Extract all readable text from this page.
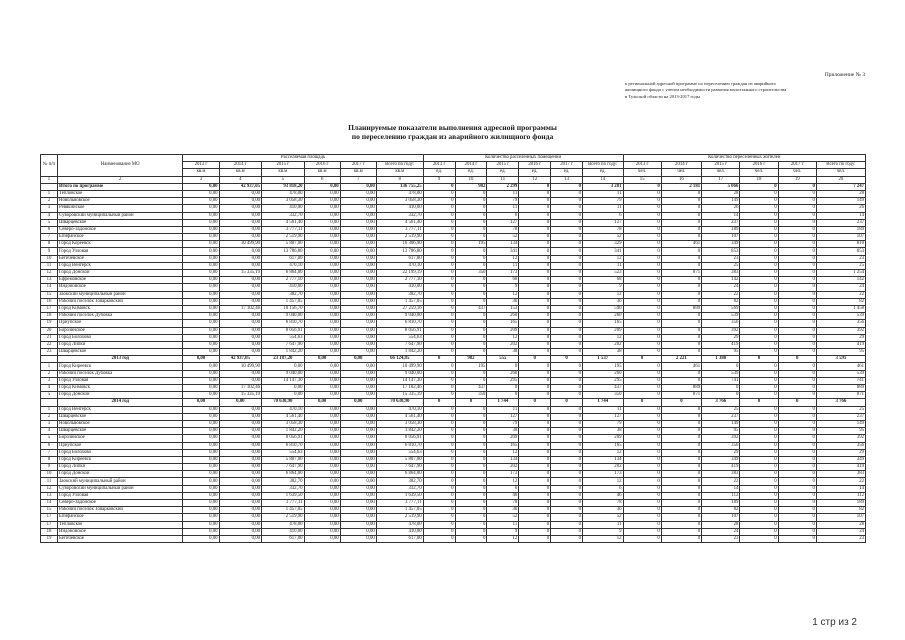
Приложение № 3
к региональной адресной программе по переселению граждан из аварийного
жилищного фонда с учетом необходимости развития малоэтажного строительства
в Тульской области на 2013-2017 годы
Планируемые показатели выполнения адресной программы
по переселению граждан из аварийного жилищного фонда
№ п/п	Наименование МО	Расселяемая площадь						Количество расселенных помещений						Количество переселенных жителей					
		2013 г	2014 г	2015 г	2016 г	2017 г	Всего по году:	2013 г	2014 г	2015 г	2016 г	2017 г	Всего по году:	2013 г	2014 г	2015 г	2016 г	2017 г	Всего по году:
		кв.м	кв.м	кв.м	кв.м	кв.м	кв.м	ед.	ед.	ед.	ед.	ед.	ед.	чел.	чел.	чел.	чел.	чел.	чел.
1	2	3	4	5	6	7	8	9	10	11	12	13	14	15	16	17	18	19	20
	Итого по программе	0,00	42 937,05	93 818,20	0,00	0,00	136 755,25	0	982	2 299	0	0	3 281	0	2 181	5 066	0	0	7 247
1	Тепловское	0,00	0,00	478,00	0,00	0,00	478,00	0	0	11	0	0	11	0	0	28	0	0	28
2	Новольвовское	0,00	0,00	3 058,30	0,00	0,00	3 058,30	0	0	79	0	0	79	0	0	149	0	0	149
3	Ревякинское	0,00	0,00	410,00	0,00	0,00	410,00	0	0	11	0	0	11	0	0	26	0	0	26
4	Суворовский муниципальный район	0,00	0,00	332,70	0,00	0,00	332,70	0	0	6	0	0	6	0	0	14	0	0	14
5	Шварцевское	0,00	0,00	4 561,40	0,00	0,00	4 561,40	0	0	127	0	0	127	0	0	237	0	0	237
6	Северо-Задонское	0,00	0,00	3 777,11	0,00	0,00	3 777,11	0	0	78	0	0	78	0	0	189	0	0	189
7	Епифанское	0,00	0,00	2 519,90	0,00	0,00	2 519,90	0	0	52	0	0	52	0	0	107	0	0	107
8	Город Кореевск	0,00	10 499,90	5 807,00	0,00	0,00	16 306,90	0	195	134	0	0	329	0	461	349	0	0	810
9	Город Узловая	0,00	0,00	13 786,80	0,00	0,00	13 786,80	0	0	341	0	0	341	0	0	853	0	0	853
10	Бегичевское	0,00	0,00	617,00	0,00	0,00	617,00	0	0	12	0	0	12	0	0	23	0	0	23
11	Город Венгерск	0,00	0,00	470,10	0,00	0,00	470,10	0	0	11	0	0	11	0	0	25	0	0	25
12	Город Донской	0,00	15 335,19	6 864,00	0,00	0,00	22 199,19	0	350	173	0	0	523	0	871	383	0	0	1 254
13	Ефремовское	0,00	0,00	2 777,10	0,00	0,00	2 777,10	0	0	68	0	0	68	0	0	142	0	0	142
14	Индоновское	0,00	0,00	410,00	0,00	0,00	410,00	0	0	9	0	0	9	0	0	24	0	0	24
15	Заокский муниципальный район	0,00	0,00	382,70	0,00	0,00	382,70	0	0	12	0	0	12	0	0	22	0	0	22
16	Рабочий поселок Товарковский	0,00	0,00	1 457,05	0,00	0,00	1 457,05	0	0	36	0	0	36	0	0	82	0	0	82
17	Город Кимовск	0,00	17 102,46	10 156,70	0,00	0,00	27 259,16	0	437	153	0	0	590	0	889	569	0	0	1 458
18	Рабочий поселок Дубовка	0,00	0,00	9 040,00	0,00	0,00	9 040,00	0	0	260	0	0	260	0	0	539	0	0	539
19	Приупское	0,00	0,00	6 810,70	0,00	0,00	6 810,70	0	0	165	0	0	165	0	0	356	0	0	356
20	Борозинское	0,00	0,00	8 056,91	0,00	0,00	8 056,91	0	0	209	0	0	209	0	0	392	0	0	392
21	Город Болохово	0,00	0,00	554,63	0,00	0,00	554,63	0	0	12	0	0	12	0	0	29	0	0	29
22	Город Липки	0,00	0,00	7 647,90	0,00	0,00	7 647,90	0	0	202	0	0	202	0	0	419	0	0	419
23	Шварцевское	0,00	0,00	1 842,20	0,00	0,00	1 842,20	0	0	38	0	0	38	0	0	95	0	0	95
	2013 год	0,00	42 937,05	23 187,20	0,00	0,00	66 124,85	0	982	555	0	0	1 537	0	2 221	1 380	0	0	3 591
1	Город Киреевск	0,00	10 499,90	0,00	0,00	0,00	10 499,90	0	195	0	0	0	195	0	461	0	0	0	461
2	Рабочий поселок Дубовка	0,00	0,00	9 040,00	0,00	0,00	9 040,00	0	0	260	0	0	260	0	0	539	0	0	539
3	Город Узловая	0,00	0,00	14 147,30	0,00	0,00	14 147,30	0	0	295	0	0	295	0	0	741	0	0	741
4	Город Кимовск	0,00	17 102,46	0,00	0,00	0,00	17 102,46	0	437	0	0	0	437	0	889	0	0	0	889
5	Город Донской	0,00	15 335,19	0,00	0,00	0,00	15 335,19	0	350	0	0	0	350	0	871	0	0	0	871
	2014 год	0,00	0,00	70 630,90	0,00	0,00	70 630,90	0	0	1 744	0	0	1 744	0	0	3 766	0	0	3 766
1	Город Венгерск	0,00	0,00	470,10	0,00	0,00	470,10	0	0	11	0	0	11	0	0	25	0	0	25
2	Шварцевское	0,00	0,00	4 561,40	0,00	0,00	4 561,40	0	0	127	0	0	127	0	0	237	0	0	237
3	Новольвовское	0,00	0,00	3 058,30	0,00	0,00	3 058,30	0	0	79	0	0	79	0	0	149	0	0	149
4	Шварцевское	0,00	0,00	1 842,20	0,00	0,00	1 842,20	0	0	38	0	0	38	0	0	95	0	0	95
5	Борозинское	0,00	0,00	8 056,91	0,00	0,00	8 056,91	0	0	209	0	0	209	0	0	392	0	0	392
6	Приупское	0,00	0,00	6 810,70	0,00	0,00	6 810,70	0	0	165	0	0	165	0	0	356	0	0	356
7	Город Болохово	0,00	0,00	554,63	0,00	0,00	554,63	0	0	12	0	0	12	0	0	29	0	0	29
8	Город Киреевск	0,00	0,00	5 807,00	0,00	0,00	5 807,00	0	0	134	0	0	134	0	0	349	0	0	349
9	Город Липки	0,00	0,00	7 647,90	0,00	0,00	7 647,90	0	0	202	0	0	202	0	0	419	0	0	419
10	Город Донской	0,00	0,00	6 864,00	0,00	0,00	6 864,00	0	0	173	0	0	173	0	0	383	0	0	383
11	Заокский муниципальный район	0,00	0,00	382,70	0,00	0,00	382,70	0	0	12	0	0	12	0	0	22	0	0	22
12	Суворовский муниципальный район	0,00	0,00	332,70	0,00	0,00	332,70	0	0	6	0	0	6	0	0	14	0	0	14
13	Город Узловая	0,00	0,00	1 639,50	0,00	0,00	1 639,50	0	0	46	0	0	46	0	0	112	0	0	112
14	Северо-Задонское	0,00	0,00	3 777,11	0,00	0,00	3 777,11	0	0	78	0	0	78	0	0	189	0	0	189
15	Рабочий поселок Товарковский	0,00	0,00	1 457,05	0,00	0,00	1 457,05	0	0	36	0	0	36	0	0	82	0	0	82
17	Епифанское	0,00	0,00	2 519,90	0,00	0,00	2 519,90	0	0	52	0	0	52	0	0	107	0	0	107
17	Тепловское	0,00	0,00	478,00	0,00	0,00	478,00	0	0	11	0	0	11	0	0	28	0	0	28
18	Индоновское	0,00	0,00	410,00	0,00	0,00	410,00	0	0	9	0	0	9	0	0	24	0	0	24
19	Бегичевское	0,00	0,00	617,00	0,00	0,00	617,00	0	0	12	0	0	12	0	0	23	0	0	23
1 стр из 2
